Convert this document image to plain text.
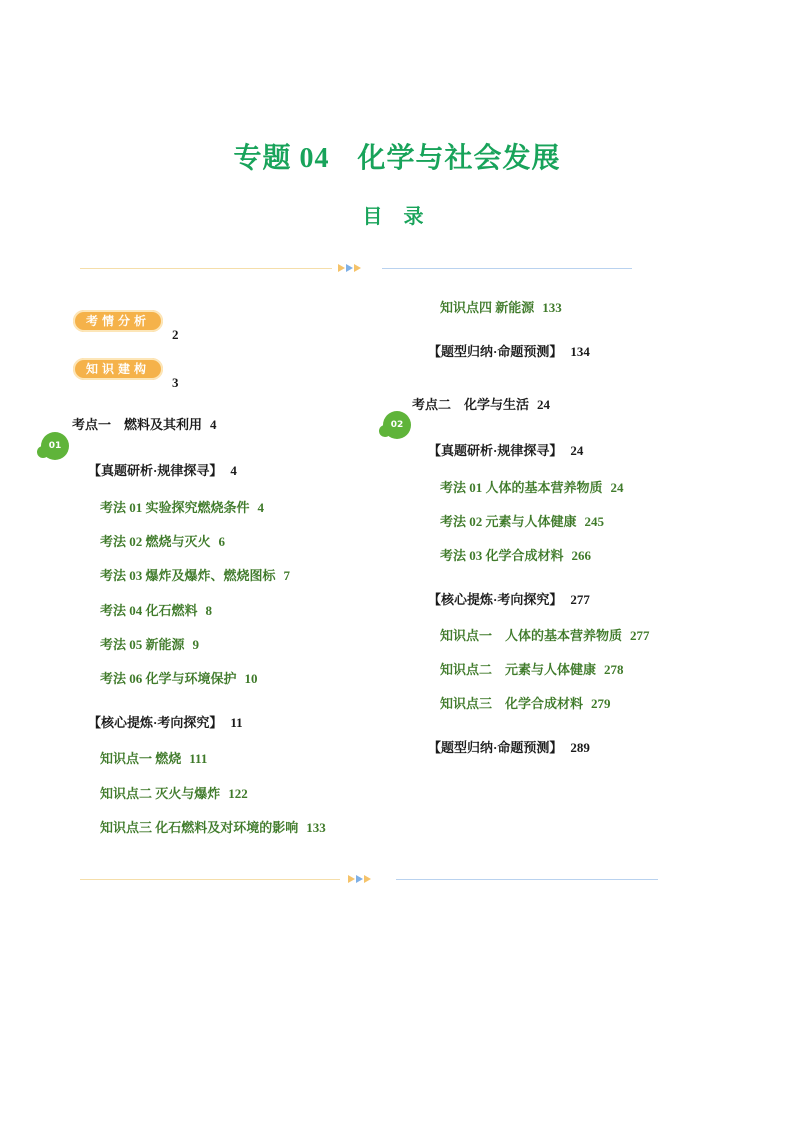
专题 04 化学与社会发展
目 录
考情分析
2
知识建构
3
01
考点一　燃料及其利用 4
【真题研析·规律探寻】 4
考法 01 实验探究燃烧条件 4
考法 02 燃烧与灭火 6
考法 03 爆炸及爆炸、燃烧图标 7
考法 04 化石燃料 8
考法 05 新能源 9
考法 06 化学与环境保护 10
【核心提炼·考向探究】 11
知识点一 燃烧 111
知识点二 灭火与爆炸 122
知识点三 化石燃料及对环境的影响 133
知识点四 新能源 133
【题型归纳·命题预测】 134
02
考点二　化学与生活 24
【真题研析·规律探寻】 24
考法 01 人体的基本营养物质 24
考法 02 元素与人体健康 245
考法 03 化学合成材料 266
【核心提炼·考向探究】 277
知识点一　人体的基本营养物质 277
知识点二　元素与人体健康 278
知识点三　化学合成材料 279
【题型归纳·命题预测】 289
